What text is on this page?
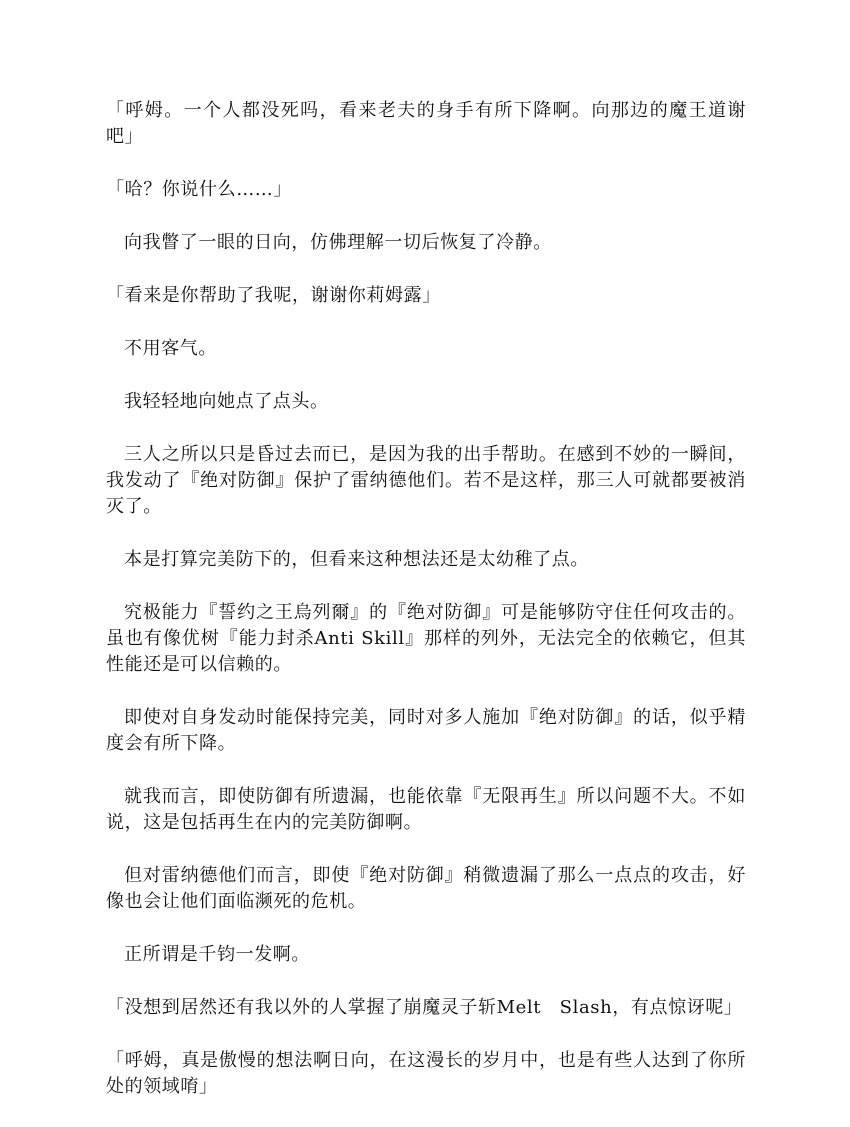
「呼姆。一个人都没死吗，看来老夫的身手有所下降啊。向那边的魔王道谢吧」

「哈？你说什么……」

向我瞥了一眼的日向，仿佛理解一切后恢复了冷静。

「看来是你帮助了我呢，谢谢你莉姆露」

不用客气。

我轻轻地向她点了点头。

三人之所以只是昏过去而已，是因为我的出手帮助。在感到不妙的一瞬间，我发动了『绝对防御』保护了雷纳德他们。若不是这样，那三人可就都要被消灭了。

本是打算完美防下的，但看来这种想法还是太幼稚了点。

究极能力『誓约之王烏列爾』的『绝对防御』可是能够防守住任何攻击的。虽也有像优树『能力封杀Anti Skill』那样的列外，无法完全的依赖它，但其性能还是可以信赖的。

即使对自身发动时能保持完美，同时对多人施加『绝对防御』的话，似乎精度会有所下降。

就我而言，即使防御有所遗漏，也能依靠『无限再生』所以问题不大。不如说，这是包括再生在内的完美防御啊。

但对雷纳德他们而言，即使『绝对防御』稍微遗漏了那么一点点的攻击，好像也会让他们面临濒死的危机。

正所谓是千钧一发啊。

「没想到居然还有我以外的人掌握了崩魔灵子斩Melt　Slash，有点惊讶呢」

「呼姆，真是傲慢的想法啊日向，在这漫长的岁月中，也是有些人达到了你所处的领域唷」
